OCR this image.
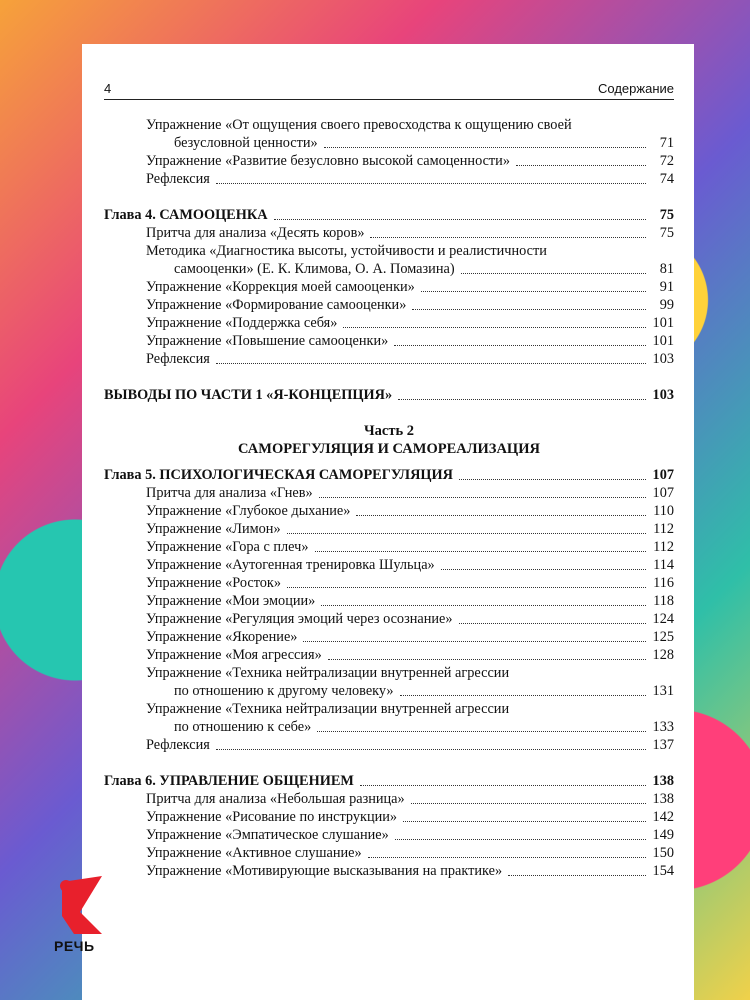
4	Содержание
Упражнение «От ощущения своего превосходства к ощущению своей
безусловной ценности»	71
Упражнение «Развитие безусловно высокой самоценности»	72
Рефлексия	74
Глава 4. САМООЦЕНКА	75
Притча для анализа «Десять коров»	75
Методика «Диагностика высоты, устойчивости и реалистичности
самооценки» (Е. К. Климова, О. А. Помазина)	81
Упражнение «Коррекция моей самооценки»	91
Упражнение «Формирование самооценки»	99
Упражнение «Поддержка себя»	101
Упражнение «Повышение самооценки»	101
Рефлексия	103
ВЫВОДЫ ПО ЧАСТИ 1 «Я-КОНЦЕПЦИЯ»	103
Часть 2
САМОРЕГУЛЯЦИЯ И САМОРЕАЛИЗАЦИЯ
Глава 5. ПСИХОЛОГИЧЕСКАЯ САМОРЕГУЛЯЦИЯ	107
Притча для анализа «Гнев»	107
Упражнение «Глубокое дыхание»	110
Упражнение «Лимон»	112
Упражнение «Гора с плеч»	112
Упражнение «Аутогенная тренировка Шульца»	114
Упражнение «Росток»	116
Упражнение «Мои эмоции»	118
Упражнение «Регуляция эмоций через осознание»	124
Упражнение «Якорение»	125
Упражнение «Моя агрессия»	128
Упражнение «Техника нейтрализации внутренней агрессии
по отношению к другому человеку»	131
Упражнение «Техника нейтрализации внутренней агрессии
по отношению к себе»	133
Рефлексия	137
Глава 6. УПРАВЛЕНИЕ ОБЩЕНИЕМ	138
Притча для анализа «Небольшая разница»	138
Упражнение «Рисование по инструкции»	142
Упражнение «Эмпатическое слушание»	149
Упражнение «Активное слушание»	150
Упражнение «Мотивирующие высказывания на практике»	154
РЕЧЬ
